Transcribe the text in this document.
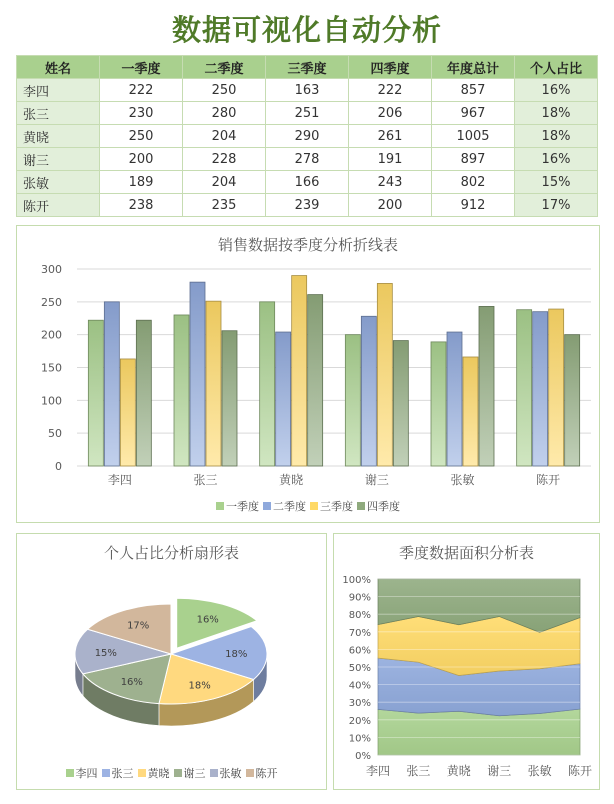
数据可视化自动分析
姓名	一季度	二季度	三季度	四季度	年度总计	个人占比
李四	222	250	163	222	857	16%
张三	230	280	251	206	967	18%
黄晓	250	204	290	261	1005	18%
谢三	200	228	278	191	897	16%
张敏	189	204	166	243	802	15%
陈开	238	235	239	200	912	17%
销售数据按季度分析折线表
0
50
100
150
200
250
300
李四	张三	黄晓	谢三	张敏	陈开
一季度 二季度 三季度 四季度
个人占比分析扇形表
16%
18%
18%
16%
15%
17%
李四 张三 黄晓 谢三 张敏 陈开
季度数据面积分析表
0%
10%
20%
30%
40%
50%
60%
70%
80%
90%
100%
李四 张三 黄晓 谢三 张敏 陈开
